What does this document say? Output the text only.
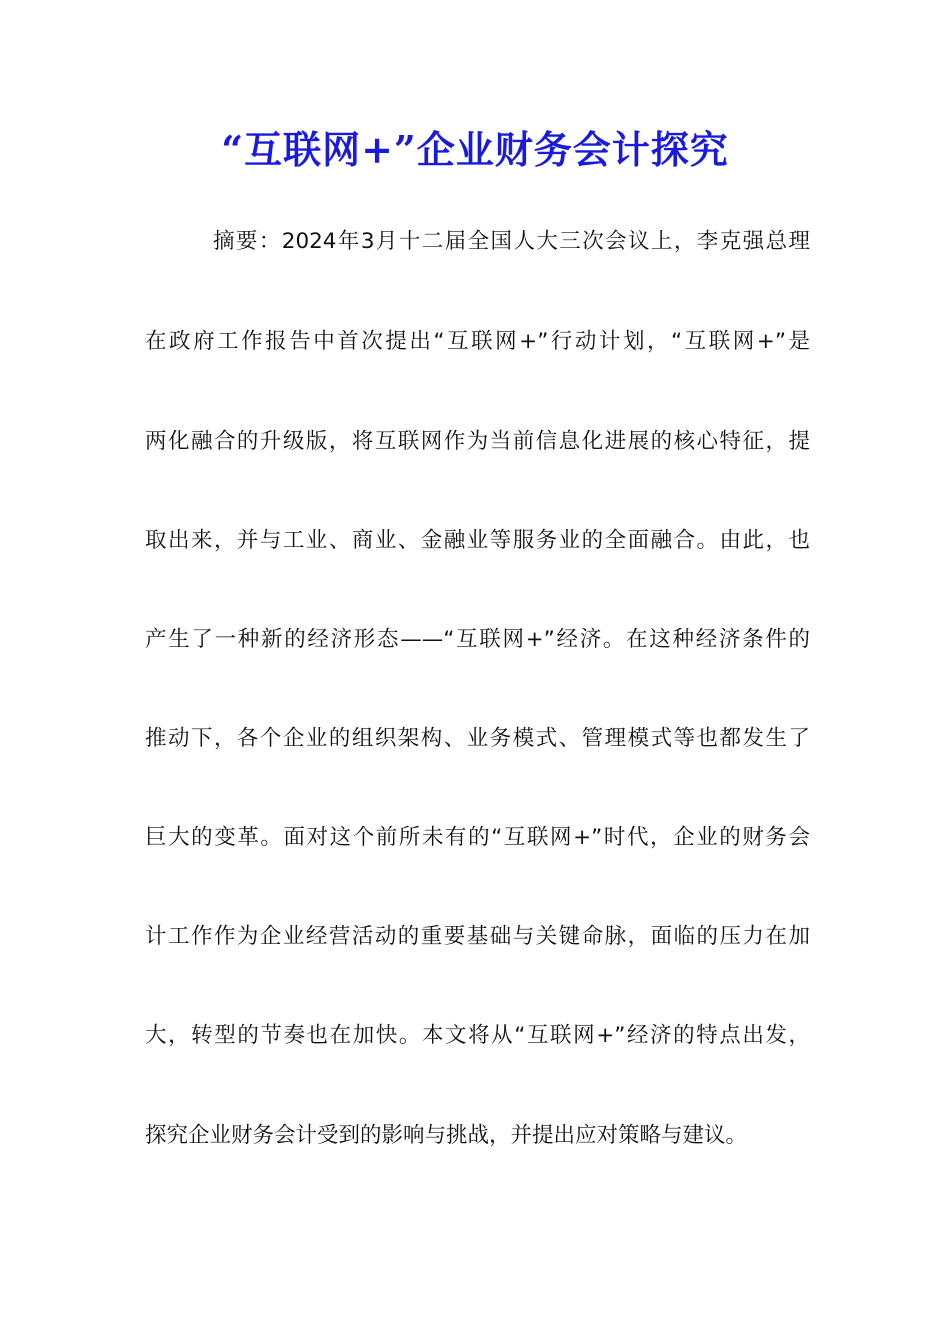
“互联网+”企业财务会计探究
摘要：2024年3月十二届全国人大三次会议上，李克强总理
在政府工作报告中首次提出“互联网+”行动计划，“互联网+”是
两化融合的升级版，将互联网作为当前信息化进展的核心特征，提
取出来，并与工业、商业、金融业等服务业的全面融合。由此，也
产生了一种新的经济形态——“互联网+”经济。在这种经济条件的
推动下，各个企业的组织架构、业务模式、管理模式等也都发生了
巨大的变革。面对这个前所未有的“互联网+”时代，企业的财务会
计工作作为企业经营活动的重要基础与关键命脉，面临的压力在加
大，转型的节奏也在加快。本文将从“互联网+”经济的特点出发，
探究企业财务会计受到的影响与挑战，并提出应对策略与建议。
